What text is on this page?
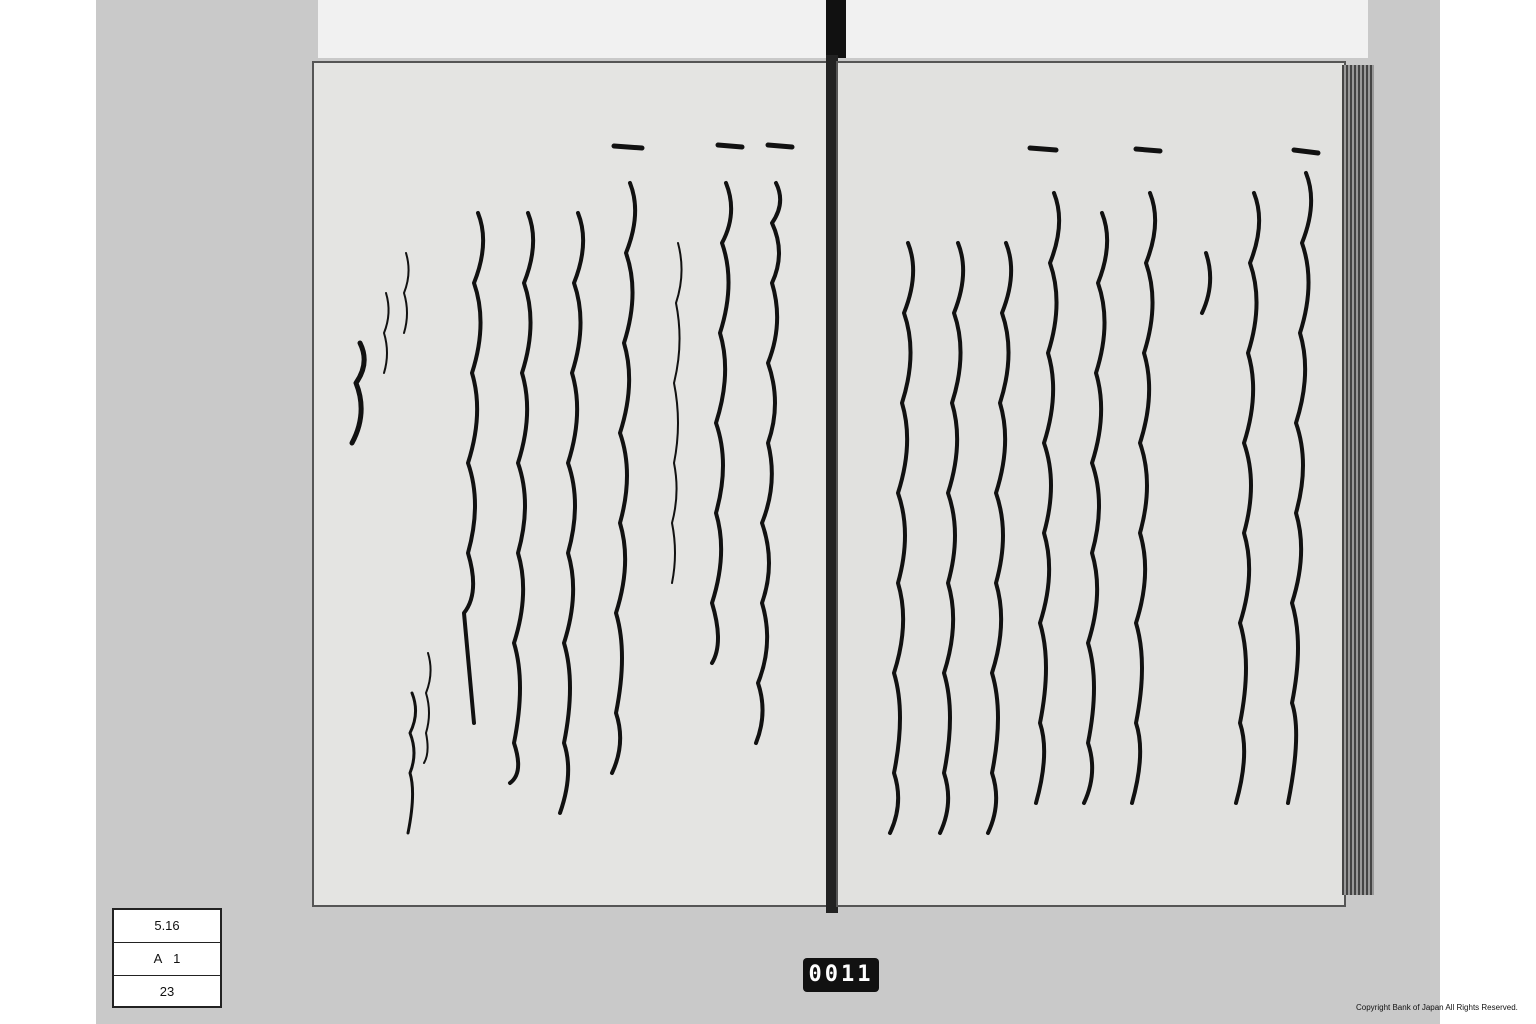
5.16
A   1
23
0011
Copyright Bank of Japan All Rights Reserved.
